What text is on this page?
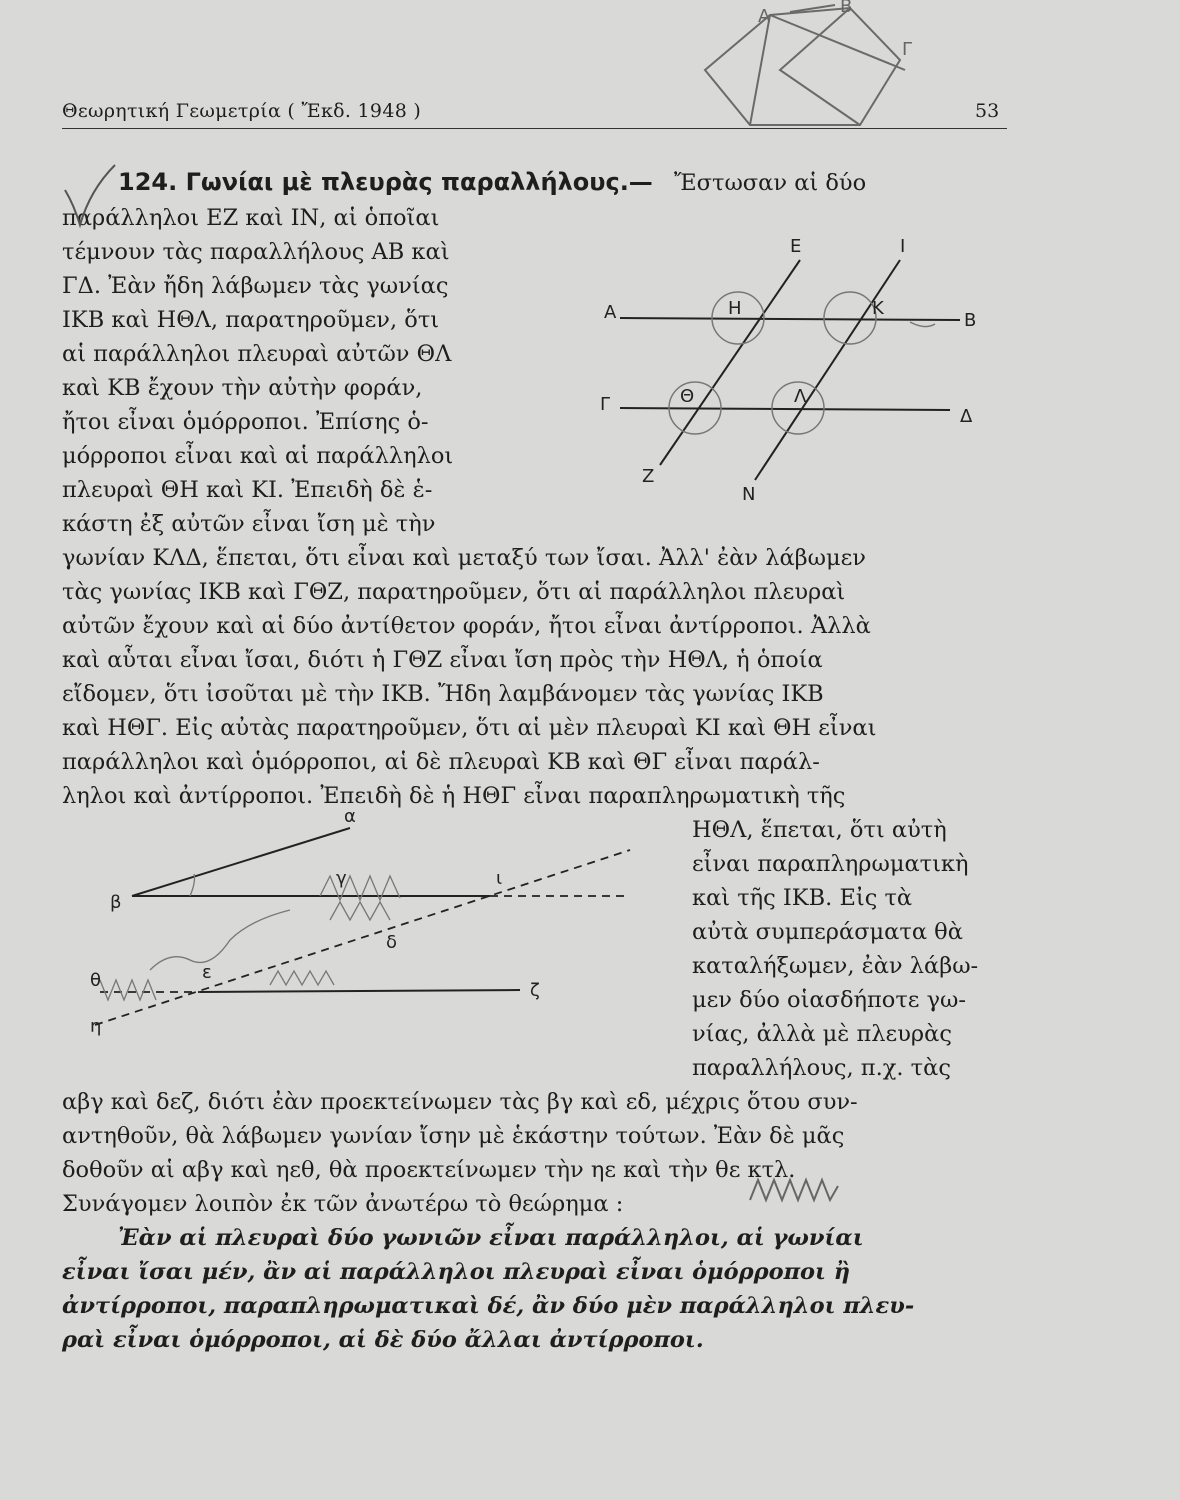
B
Γ
A
Θεωρητική Γεωμετρία ( Ἔκδ. 1948 )	53
124. Γωνίαι μὲ πλευρὰς παραλλήλους.— Ἔστωσαν αἱ δύο
παράλληλοι ΕΖ καὶ ΙΝ, αἱ ὁποῖαι
τέμνουν τὰς παραλλήλους ΑΒ καὶ
ΓΔ. Ἐὰν ἤδη λάβωμεν τὰς γωνίας
ΙΚΒ καὶ ΗΘΛ, παρατηροῦμεν, ὅτι
αἱ παράλληλοι πλευραὶ αὐτῶν ΘΛ
καὶ ΚΒ ἔχουν τὴν αὐτὴν φοράν,
ἤτοι εἶναι ὁμόρροποι. Ἐπίσης ὁ-
μόρροποι εἶναι καὶ αἱ παράλληλοι
πλευραὶ ΘΗ καὶ ΚΙ. Ἐπειδὴ δὲ ἑ-
κάστη ἐξ αὐτῶν εἶναι ἴση μὲ τὴν
γωνίαν ΚΛΔ, ἕπεται, ὅτι εἶναι καὶ μεταξύ των ἴσαι. Ἀλλ' ἐὰν λάβωμεν
τὰς γωνίας ΙΚΒ καὶ ΓΘΖ, παρατηροῦμεν, ὅτι αἱ παράλληλοι πλευραὶ
αὐτῶν ἔχουν καὶ αἱ δύο ἀντίθετον φοράν, ἤτοι εἶναι ἀντίρροποι. Ἀλλὰ
καὶ αὗται εἶναι ἴσαι, διότι ἡ ΓΘΖ εἶναι ἴση πρὸς τὴν ΗΘΛ, ἡ ὁποία
εἴδομεν, ὅτι ἰσοῦται μὲ τὴν ΙΚΒ. Ἤδη λαμβάνομεν τὰς γωνίας ΙΚΒ
καὶ ΗΘΓ. Εἰς αὐτὰς παρατηροῦμεν, ὅτι αἱ μὲν πλευραὶ ΚΙ καὶ ΘΗ εἶναι
παράλληλοι καὶ ὁμόρροποι, αἱ δὲ πλευραὶ ΚΒ καὶ ΘΓ εἶναι παράλ-
ληλοι καὶ ἀντίρροποι. Ἐπειδὴ δὲ ἡ ΗΘΓ εἶναι παραπληρωματικὴ τῆς
ΗΘΛ, ἕπεται, ὅτι αὐτὴ
εἶναι παραπληρωματικὴ
καὶ τῆς ΙΚΒ. Εἰς τὰ
αὐτὰ συμπεράσματα θὰ
καταλήξωμεν, ἐὰν λάβω-
μεν δύο οἱασδήποτε γω-
νίας, ἀλλὰ μὲ πλευρὰς
παραλλήλους, π.χ. τὰς
αβγ καὶ δεζ, διότι ἐὰν προεκτείνωμεν τὰς βγ καὶ εδ, μέχρις ὅτου συν-
αντηθοῦν, θὰ λάβωμεν γωνίαν ἴσην μὲ ἑκάστην τούτων. Ἐὰν δὲ μᾶς
δοθοῦν αἱ αβγ καὶ ηεθ, θὰ προεκτείνωμεν τὴν ηε καὶ τὴν θε κτλ.
Συνάγομεν λοιπὸν ἐκ τῶν ἀνωτέρω τὸ θεώρημα :
Ἐὰν αἱ πλευραὶ δύο γωνιῶν εἶναι παράλληλοι, αἱ γωνίαι
εἶναι ἴσαι μέν, ἂν αἱ παράλληλοι πλευραὶ εἶναι ὁμόρροποι ἢ
ἀντίρροποι, παραπληρωματικαὶ δέ, ἂν δύο μὲν παράλληλοι πλευ-
ραὶ εἶναι ὁμόρροποι, αἱ δὲ δύο ἄλλαι ἀντίρροποι.
Α	Β
Γ
Δ
Ε	Ι
Ζ
Ν
Η	Κ
Θ	Λ
α
β
γ	ι
δ
ε
ζ
θ
η
